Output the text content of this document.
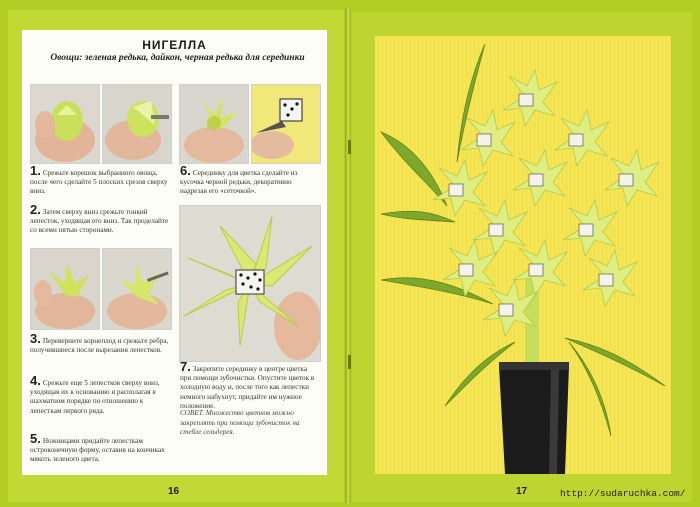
НИГЕЛЛА

Овощи: зеленая редька, дайкон, черная редька для серединки

1. Срежьте корешок выбранного овоща, после чего сделайте 5 плоских срезов сверху вниз.

2. Затем сверху вниз срежьте тонкий лепесток, уходящая его вниз. Так проделайте со всеми пятью сторонами.

6. Серединку для цветка сделайте из кусочка черной редьки, декоративно надрезав его «сеточкой».

3. Переверните корнеплод и срежьте ребра, получившиеся после вырезания лепестков.

4. Срежьте еще 5 лепестков сверху вниз, уходящая их к основанию и располагая в шахматном порядке по отношению к лепесткам первого ряда.

5. Ножницами придайте лепесткам остроконечную форму, оставив на кончиках мякоть зеленого цвета.

7. Закрепите серединку в центре цветка при помощи зубочистки. Опустите цветок в холодную воду и, после того как лепестки немного набухнут, придайте им нужное положение.

СОВЕТ. Множество цветков можно закреплять при помощи зубочисток на стебле сельдерея.

16	17	http://sudaruchka.com/
